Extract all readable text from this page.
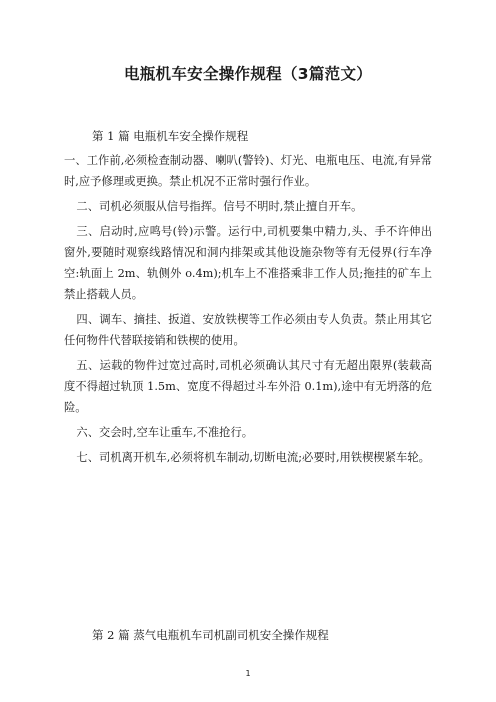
电瓶机车安全操作规程（3篇范文）

第 1 篇 电瓶机车安全操作规程

一、工作前,必须检查制动器、喇叭(警铃)、灯光、电瓶电压、电流,有异常时,应予修理或更换。禁止机况不正常时强行作业。

二、司机必须服从信号指挥。信号不明时,禁止擅自开车。

三、启动时,应鸣号(铃)示警。运行中,司机要集中精力,头、手不许伸出窗外,要随时观察线路情况和洞内排架或其他设施杂物等有无侵界(行车净空:轨面上 2m、轨侧外 o.4m);机车上不准搭乘非工作人员;拖挂的矿车上禁止搭载人员。

四、调车、摘挂、扳道、安放铁楔等工作必须由专人负责。禁止用其它任何物件代替联接销和铁楔的使用。

五、运载的物件过宽过高时,司机必须确认其尺寸有无超出限界(装载高度不得超过轨顶 1.5m、宽度不得超过斗车外沿 0.1m),途中有无坍落的危险。

六、交会时,空车让重车,不准抢行。

七、司机离开机车,必须将机车制动,切断电流;必要时,用铁楔楔紧车轮。

第 2 篇 蒸气电瓶机车司机副司机安全操作规程

1
